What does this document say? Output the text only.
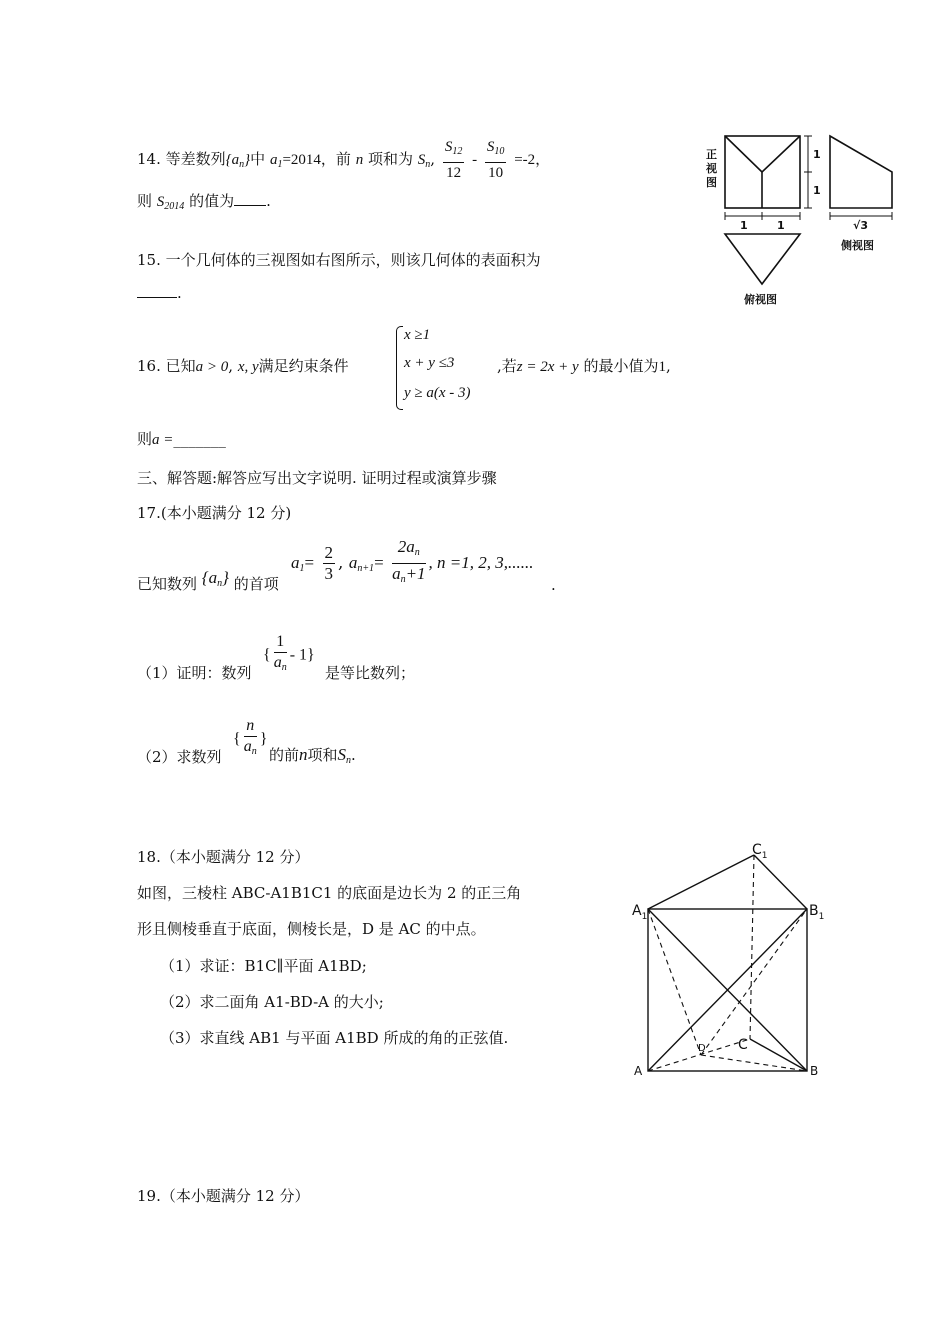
14. 等差数列$\{a_n\}$中 $a_1=2014$，前 n 项和为 $S_n$, $\frac{S_{12}}{12} - \frac{S_{10}}{10} =-2$，
则 $S_{2014}$ 的值为 .
15. 一个几何体的三视图如右图所示，则该几何体的表面积为
.
16. 已知a > 0, x, y满足约束条件
x ≥1
x + y ≤3
y ≥ a(x - 3)
,若z = 2x + y 的最小值为1,
则a =_______
三、解答题:解答应写出文字说明. 证明过程或演算步骤
17.(本小题满分 12 分)
$a_1= \frac{2}{3}$ , $a_{n+1}= \frac{2a_n}{a_n+1}$ , n =1, 2, 3,......
已知数列 $\{a_n\}$ 的首项	.
（1）证明：数列
{ $\frac{1}{a_n} - 1$}
是等比数列；
（2）求数列
{ $\frac{n}{a_n}$ }
的前n项和$S_n$.
18.（本小题满分 12 分）
如图，三棱柱 ABC-A1B1C1 的底面是边长为 2 的正三角
形且侧棱垂直于底面，侧棱长是，D 是 AC 的中点。
（1）求证：B1C∥平面 A1BD;
（2）求二面角 A1-BD-A 的大小;
（3）求直线 AB1 与平面 A1BD 所成的角的正弦值.
19.（本小题满分 12 分）
1
1
1	1	√3
侧视图
俯视图
正
视
图
$C_1$
$A_1$	$B_1$
C
D
A	B
